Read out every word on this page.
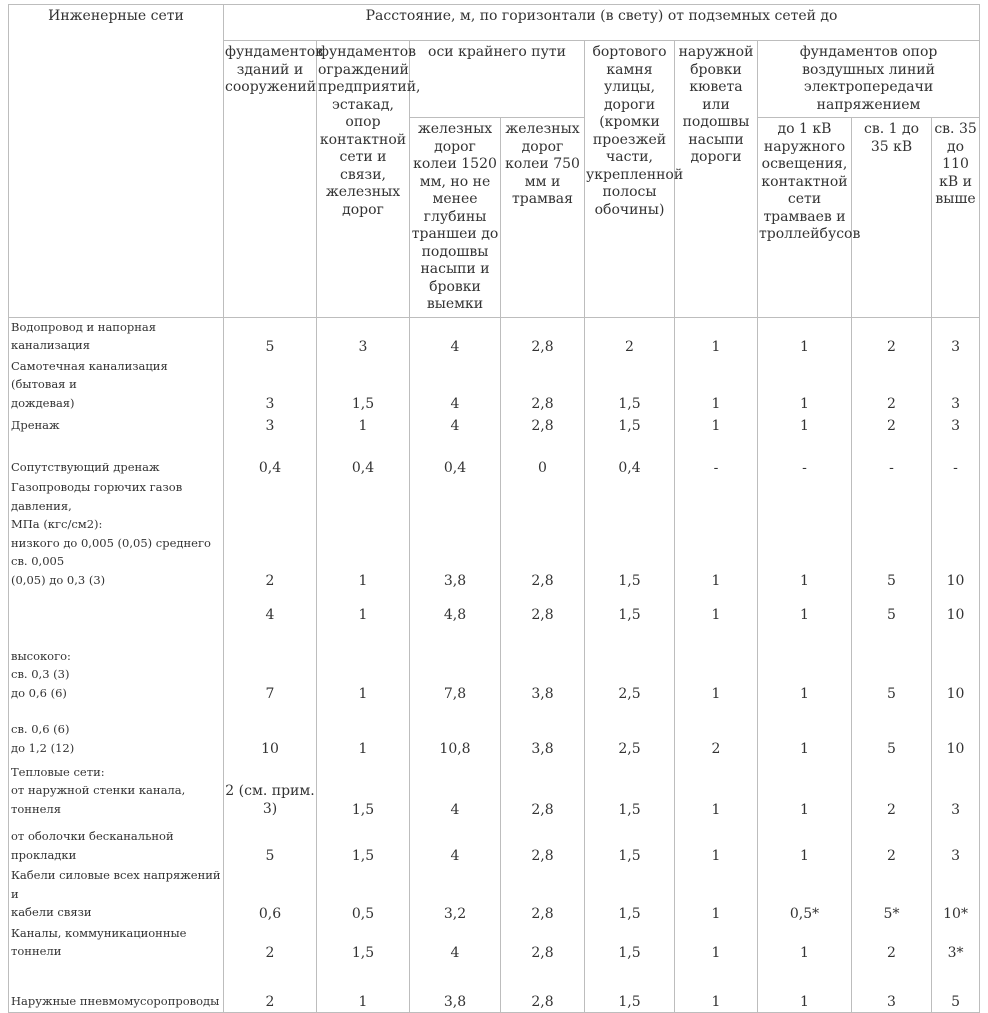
Инженерные сети	Расстояние, м, по горизонтали (в свету) от подземных сетей до								
	фундаментов зданий и сооружений	фундаментов ограждений предприятий, эстакад, опор контактной сети и связи, железных дорог	оси крайнего пути		бортового камня улицы, дороги (кромки проезжей части, укрепленной полосы обочины)	наружной бровки кювета или подошвы насыпи дороги	фундаментов опор воздушных линий электропередачи напряжением		
			железных дорог колеи 1520 мм, но не менее глубины траншеи до подошвы насыпи и бровки выемки	железных дорог колеи 750 мм и трамвая			до 1 кВ наружного освещения, контактной сети трамваев и троллейбусов	св. 1 до 35 кВ	св. 35 до 110 кВ и выше

Водопровод и напорная канализация	5	3	4	2,8	2	1	1	2	3

Самотечная канализация (бытовая и
дождевая)	3	1,5	4	2,8	1,5	1	1	2	3

Дренаж	3	1	4	2,8	1,5	1	1	2	3

Сопутствующий дренаж	0,4	0,4	0,4	0	0,4	-	-	-	-

Газопроводы горючих газов давления,
МПа (кгс/см2):
низкого до 0,005 (0,05) среднего св. 0,005
(0,05) до 0,3 (3)	2	1	3,8	2,8	1,5	1	1	5	10

	4	1	4,8	2,8	1,5	1	1	5	10

высокого:
св. 0,3 (3)
до 0,6 (6)	7	1	7,8	3,8	2,5	1	1	5	10

св. 0,6 (6)
до 1,2 (12)	10	1	10,8	3,8	2,5	2	1	5	10

Тепловые сети:
от наружной стенки канала, тоннеля	2 (см. прим. 3)	1,5	4	2,8	1,5	1	1	2	3

от оболочки бесканальной прокладки	5	1,5	4	2,8	1,5	1	1	2	3

Кабели силовые всех напряжений и
кабели связи	0,6	0,5	3,2	2,8	1,5	1	0,5*	5*	10*

Каналы, коммуникационные тоннели	2	1,5	4	2,8	1,5	1	1	2	3*

Наружные пневмомусоропроводы	2	1	3,8	2,8	1,5	1	1	3	5
